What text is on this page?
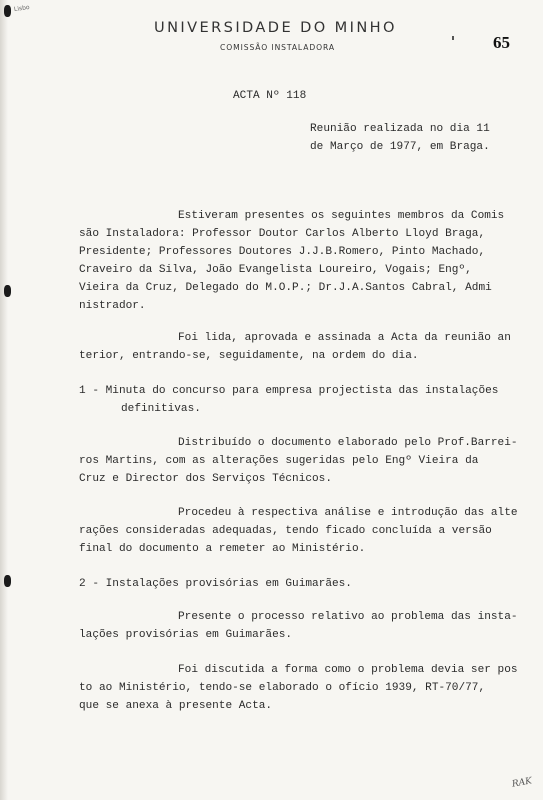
Lisbo
UNIVERSIDADE DO MINHO
COMISSÃO INSTALADORA	65
ACTA Nº 118
Reunião realizada no dia 11
de Março de 1977, em Braga.
Estiveram presentes os seguintes membros da Comis
são Instaladora: Professor Doutor Carlos Alberto Lloyd Braga,
Presidente; Professores Doutores J.J.B.Romero, Pinto Machado,
Craveiro da Silva, João Evangelista Loureiro, Vogais; Engº,
Vieira da Cruz, Delegado do M.O.P.; Dr.J.A.Santos Cabral, Admi
nistrador.
Foi lida, aprovada e assinada a Acta da reunião an
terior, entrando-se, seguidamente, na ordem do dia.
1 - Minuta do concurso para empresa projectista das instalações
definitivas.
Distribuído o documento elaborado pelo Prof.Barrei-
ros Martins, com as alterações sugeridas pelo Engº Vieira da
Cruz e Director dos Serviços Técnicos.
Procedeu à respectiva análise e introdução das alte
rações consideradas adequadas, tendo ficado concluída a versão
final do documento a remeter ao Ministério.
2 - Instalações provisórias em Guimarães.
Presente o processo relativo ao problema das insta-
lações provisórias em Guimarães.
Foi discutida a forma como o problema devia ser pos
to ao Ministério, tendo-se elaborado o ofício 1939, RT-70/77,
que se anexa à presente Acta.
RAK
